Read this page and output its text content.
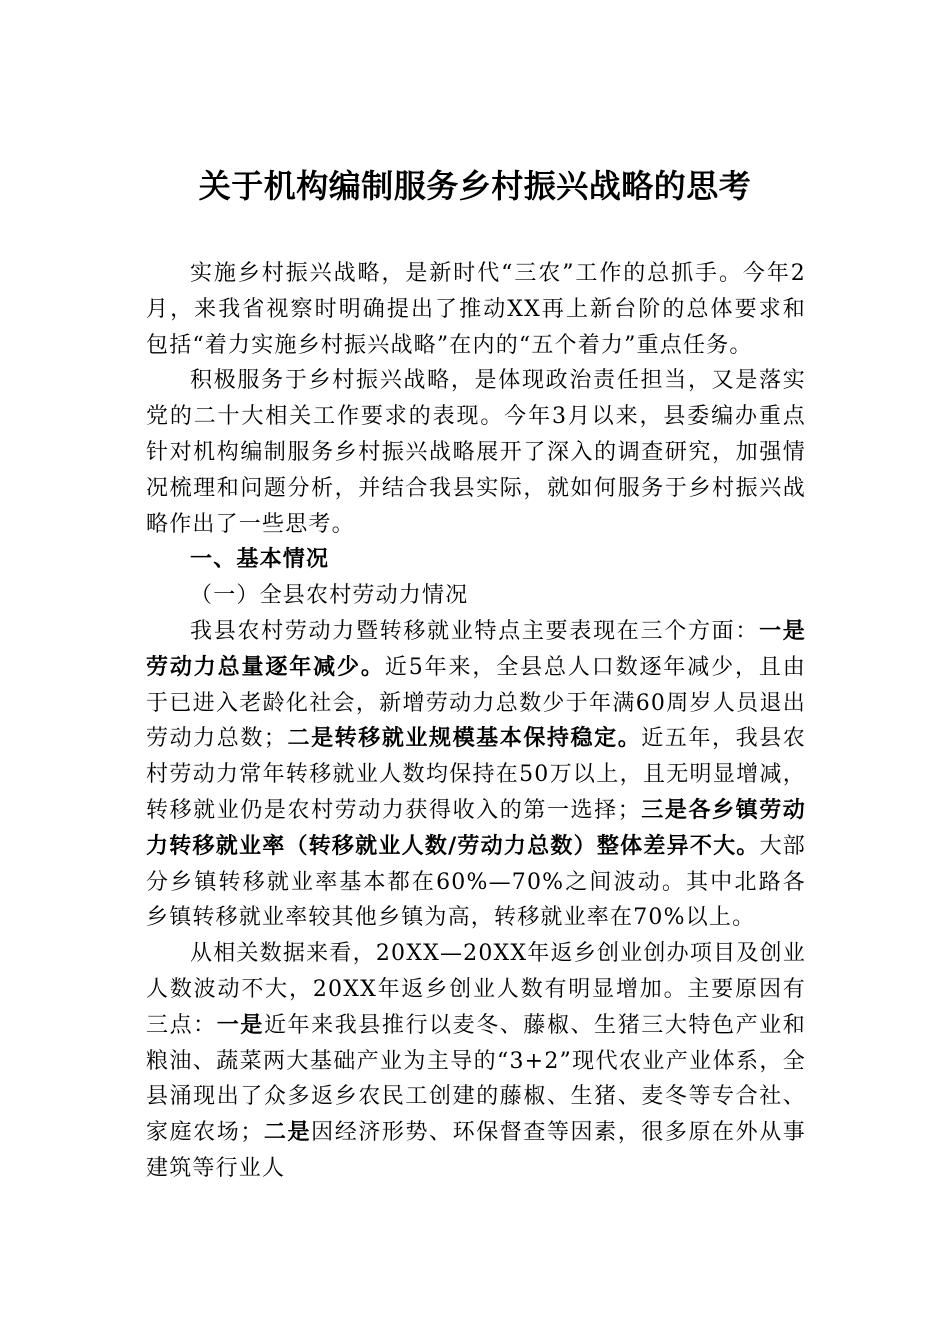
关于机构编制服务乡村振兴战略的思考

实施乡村振兴战略，是新时代“三农”工作的总抓手。今年2月，来我省视察时明确提出了推动XX再上新台阶的总体要求和包括“着力实施乡村振兴战略”在内的“五个着力”重点任务。

积极服务于乡村振兴战略，是体现政治责任担当，又是落实党的二十大相关工作要求的表现。今年3月以来，县委编办重点针对机构编制服务乡村振兴战略展开了深入的调查研究，加强情况梳理和问题分析，并结合我县实际，就如何服务于乡村振兴战略作出了一些思考。

一、基本情况

（一）全县农村劳动力情况

我县农村劳动力暨转移就业特点主要表现在三个方面：一是劳动力总量逐年减少。近5年来，全县总人口数逐年减少，且由于已进入老龄化社会，新增劳动力总数少于年满60周岁人员退出劳动力总数；二是转移就业规模基本保持稳定。近五年，我县农村劳动力常年转移就业人数均保持在50万以上，且无明显增减，转移就业仍是农村劳动力获得收入的第一选择；三是各乡镇劳动力转移就业率（转移就业人数/劳动力总数）整体差异不大。大部分乡镇转移就业率基本都在60%—70%之间波动。其中北路各乡镇转移就业率较其他乡镇为高，转移就业率在70%以上。

从相关数据来看，20XX—20XX年返乡创业创办项目及创业人数波动不大，20XX年返乡创业人数有明显增加。主要原因有三点：一是近年来我县推行以麦冬、藤椒、生猪三大特色产业和粮油、蔬菜两大基础产业为主导的“3+2”现代农业产业体系，全县涌现出了众多返乡农民工创建的藤椒、生猪、麦冬等专合社、家庭农场；二是因经济形势、环保督查等因素，很多原在外从事建筑等行业人
